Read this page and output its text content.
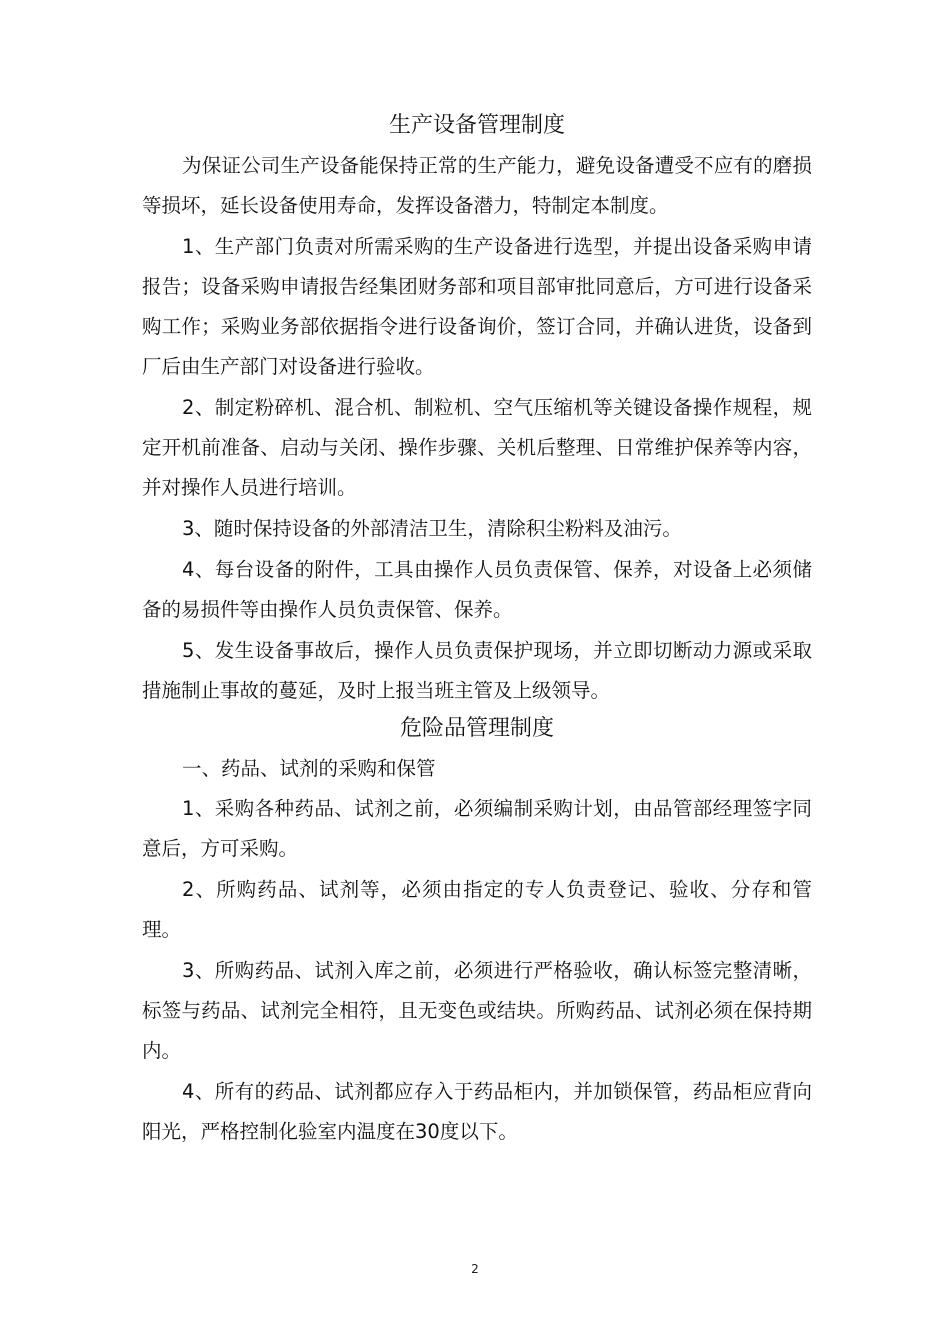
生产设备管理制度

为保证公司生产设备能保持正常的生产能力，避免设备遭受不应有的磨损等损坏，延长设备使用寿命，发挥设备潜力，特制定本制度。

1、生产部门负责对所需采购的生产设备进行选型，并提出设备采购申请报告；设备采购申请报告经集团财务部和项目部审批同意后，方可进行设备采购工作；采购业务部依据指令进行设备询价，签订合同，并确认进货，设备到厂后由生产部门对设备进行验收。

2、制定粉碎机、混合机、制粒机、空气压缩机等关键设备操作规程，规定开机前准备、启动与关闭、操作步骤、关机后整理、日常维护保养等内容，并对操作人员进行培训。

3、随时保持设备的外部清洁卫生，清除积尘粉料及油污。

4、每台设备的附件，工具由操作人员负责保管、保养，对设备上必须储备的易损件等由操作人员负责保管、保养。

5、发生设备事故后，操作人员负责保护现场，并立即切断动力源或采取措施制止事故的蔓延，及时上报当班主管及上级领导。

危险品管理制度

一、药品、试剂的采购和保管

1、采购各种药品、试剂之前，必须编制采购计划，由品管部经理签字同意后，方可采购。

2、所购药品、试剂等，必须由指定的专人负责登记、验收、分存和管理。

3、所购药品、试剂入库之前，必须进行严格验收，确认标签完整清晰，标签与药品、试剂完全相符，且无变色或结块。所购药品、试剂必须在保持期内。

4、所有的药品、试剂都应存入于药品柜内，并加锁保管，药品柜应背向阳光，严格控制化验室内温度在30度以下。

2
